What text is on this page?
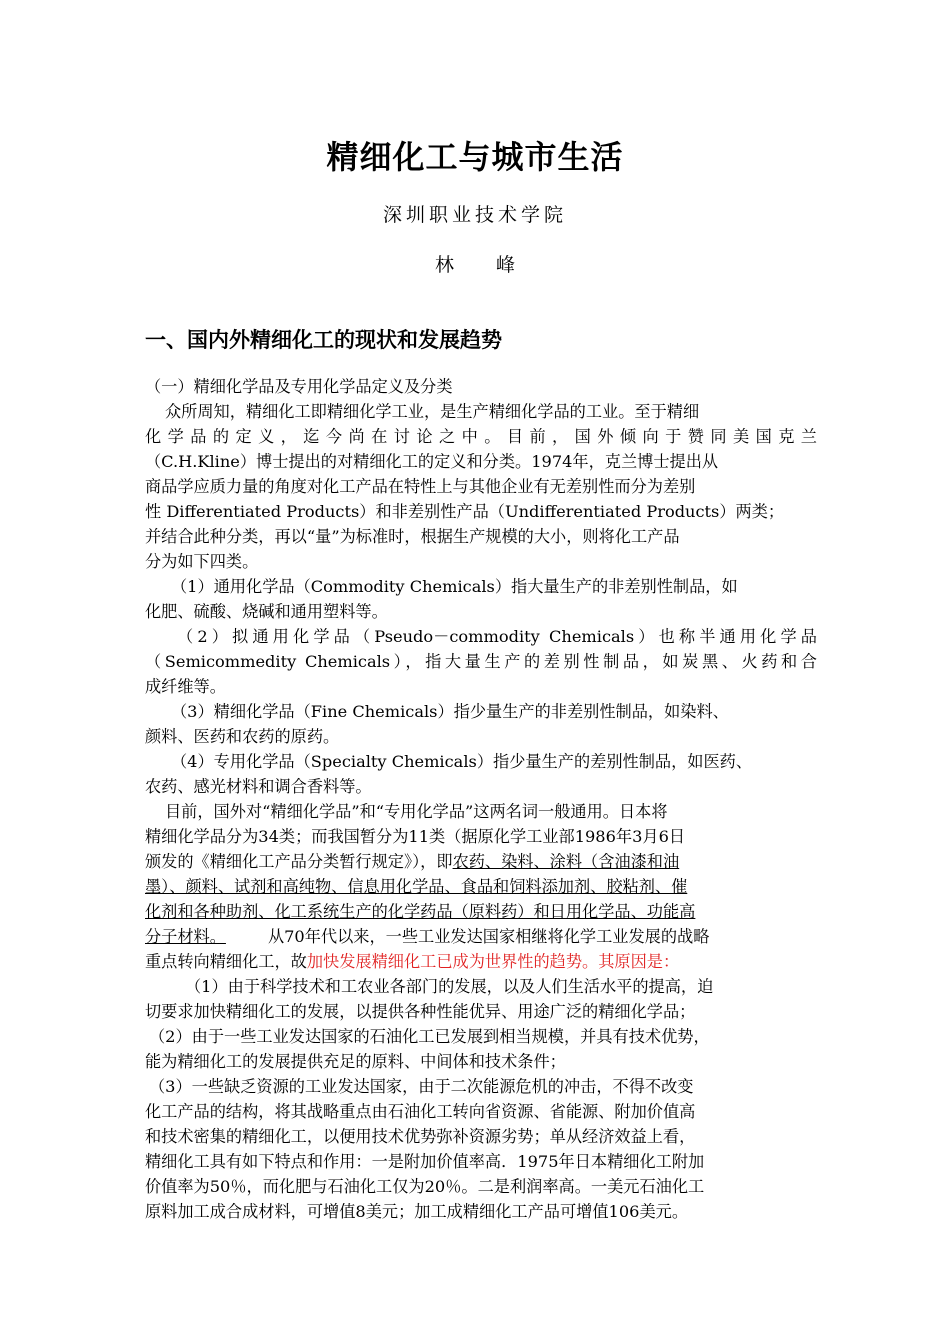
精细化工与城市生活
深圳职业技术学院
林 峰
一、国内外精细化工的现状和发展趋势
（一）精细化学品及专用化学品定义及分类
众所周知，精细化工即精细化学工业，是生产精细化学品的工业。至于精细
化学品的定义，迄今尚在讨论之中。目前，国外倾向于赞同美国克兰
（C.H.Kline）博士提出的对精细化工的定义和分类。1974年，克兰博士提出从
商品学应质力量的角度对化工产品在特性上与其他企业有无差别性而分为差别
性 Differentiated Products）和非差别性产品（Undifferentiated Products）两类；
并结合此种分类，再以“量”为标准时，根据生产规模的大小，则将化工产品
分为如下四类。
（1）通用化学品（Commodity Chemicals）指大量生产的非差别性制品，如
化肥、硫酸、烧碱和通用塑料等。
（2）拟通用化学品（Pseudo－commodity Chemicals）也称半通用化学品
（Semicommedity Chemicals），指大量生产的差别性制品，如炭黑、火药和合
成纤维等。
（3）精细化学品（Fine Chemicals）指少量生产的非差别性制品，如染料、
颜料、医药和农药的原药。
（4）专用化学品（Specialty Chemicals）指少量生产的差别性制品，如医药、
农药、感光材料和调合香料等。
目前，国外对“精细化学品”和“专用化学品”这两名词一般通用。日本将
精细化学品分为34类；而我国暂分为11类（据原化学工业部1986年3月6日
颁发的《精细化工产品分类暂行规定》），即农药、染料、涂料（含油漆和油
墨）、颜料、试剂和高纯物、信息用化学品、食品和饲料添加剂、胶粘剂、催
化剂和各种助剂、化工系统生产的化学药品（原料药）和日用化学品、功能高
分子材料。	从70年代以来，一些工业发达国家相继将化学工业发展的战略
重点转向精细化工，故加快发展精细化工已成为世界性的趋势。其原因是：
（1）由于科学技术和工农业各部门的发展，以及人们生活水平的提高，迫
切要求加快精细化工的发展，以提供各种性能优异、用途广泛的精细化学品；
（2）由于一些工业发达国家的石油化工已发展到相当规模，并具有技术优势，
能为精细化工的发展提供充足的原料、中间体和技术条件；
（3）一些缺乏资源的工业发达国家，由于二次能源危机的冲击，不得不改变
化工产品的结构，将其战略重点由石油化工转向省资源、省能源、附加价值高
和技术密集的精细化工，以便用技术优势弥补资源劣势；单从经济效益上看，
精细化工具有如下特点和作用：一是附加价值率高．1975年日本精细化工附加
价值率为50％，而化肥与石油化工仅为20％。二是利润率高。一美元石油化工
原料加工成合成材料，可增值8美元；加工成精细化工产品可增值106美元。
